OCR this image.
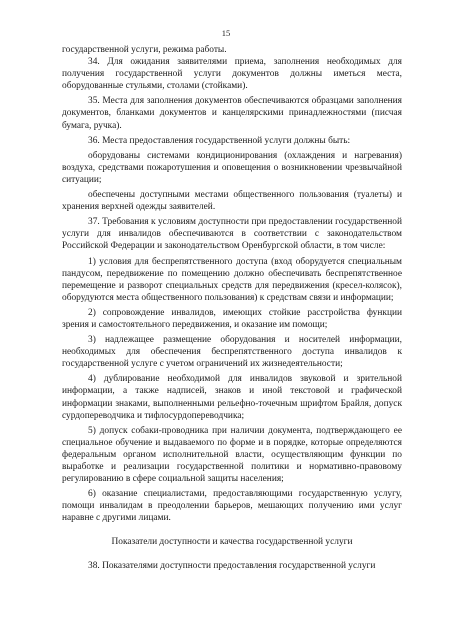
15

государственной услуги, режима работы.

34. Для ожидания заявителями приема, заполнения необходимых для получения государственной услуги документов должны иметься места, оборудованные стульями, столами (стойками).

35. Места для заполнения документов обеспечиваются образцами заполнения документов, бланками документов и канцелярскими принадлежностями (писчая бумага, ручка).

36. Места предоставления государственной услуги должны быть:

оборудованы системами кондиционирования (охлаждения и нагревания) воздуха, средствами пожаротушения и оповещения о возникновении чрезвычайной ситуации;

обеспечены доступными местами общественного пользования (туалеты) и хранения верхней одежды заявителей.

37. Требования к условиям доступности при предоставлении государственной услуги для инвалидов обеспечиваются в соответствии с законодательством Российской Федерации и законодательством Оренбургской области, в том числе:

1) условия для беспрепятственного доступа (вход оборудуется специальным пандусом, передвижение по помещению должно обеспечивать беспрепятственное перемещение и разворот специальных средств для передвижения (кресел-колясок), оборудуются места общественного пользования) к средствам связи и информации;

2) сопровождение инвалидов, имеющих стойкие расстройства функции зрения и самостоятельного передвижения, и оказание им помощи;

3) надлежащее размещение оборудования и носителей информации, необходимых для обеспечения беспрепятственного доступа инвалидов к государственной услуге с учетом ограничений их жизнедеятельности;

4) дублирование необходимой для инвалидов звуковой и зрительной информации, а также надписей, знаков и иной текстовой и графической информации знаками, выполненными рельефно-точечным шрифтом Брайля, допуск сурдопереводчика и тифлосурдопереводчика;

5) допуск собаки-проводника при наличии документа, подтверждающего ее специальное обучение и выдаваемого по форме и в порядке, которые определяются федеральным органом исполнительной власти, осуществляющим функции по выработке и реализации государственной политики и нормативно-правовому регулированию в сфере социальной защиты населения;

6) оказание специалистами, предоставляющими государственную услугу, помощи инвалидам в преодолении барьеров, мешающих получению ими услуг наравне с другими лицами.

Показатели доступности и качества государственной услуги

38. Показателями доступности предоставления государственной услуги
